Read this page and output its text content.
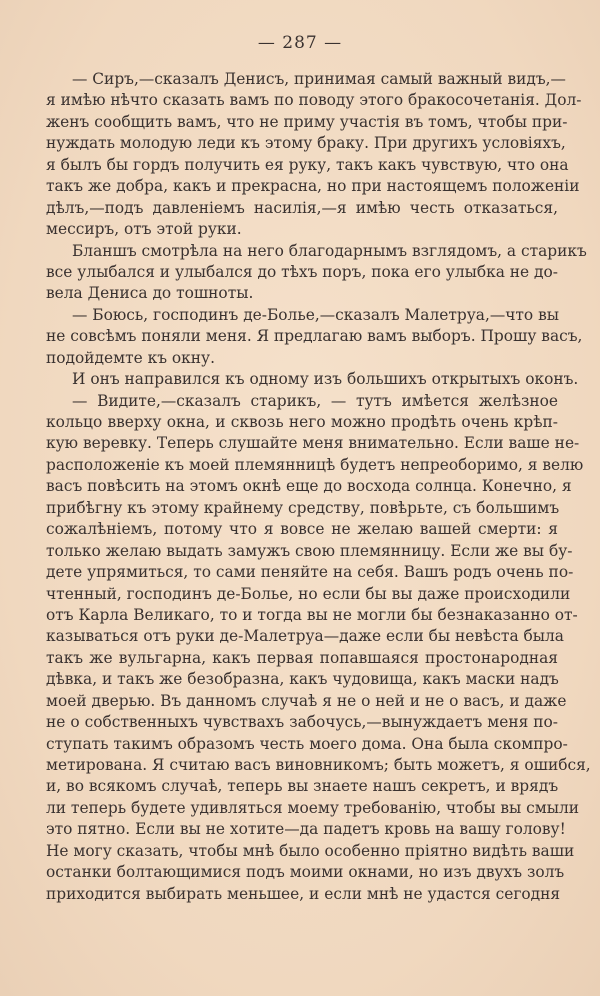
— 287 —
— Сиръ,—сказалъ Денисъ, принимая самый важный видъ,—
я имѣю нѣчто сказать вамъ по поводу этого бракосочетанія. Дол-
женъ сообщить вамъ, что не приму участія въ томъ, чтобы при-
нуждать молодую леди къ этому браку. При другихъ условіяхъ,
я былъ бы гордъ получить ея руку, такъ какъ чувствую, что она
такъ же добра, какъ и прекрасна, но при настоящемъ положеніи
дѣлъ,—подъ давленіемъ насилія,—я имѣю честь отказаться,
мессиръ, отъ этой руки.
Бланшъ смотрѣла на него благодарнымъ взглядомъ, а старикъ
все улыбался и улыбался до тѣхъ поръ, пока его улыбка не до-
вела Дениса до тошноты.
— Боюсь, господинъ де-Болье,—сказалъ Малетруа,—что вы
не совсѣмъ поняли меня. Я предлагаю вамъ выборъ. Прошу васъ,
подойдемте къ окну.
И онъ направился къ одному изъ большихъ открытыхъ оконъ.
— Видите,—сказалъ старикъ, — тутъ имѣется желѣзное
кольцо вверху окна, и сквозь него можно продѣть очень крѣп-
кую веревку. Теперь слушайте меня внимательно. Если ваше не-
расположеніе къ моей племянницѣ будетъ непреоборимо, я велю
васъ повѣсить на этомъ окнѣ еще до восхода солнца. Конечно, я
прибѣгну къ этому крайнему средству, повѣрьте, съ большимъ
сожалѣніемъ, потому что я вовсе не желаю вашей смерти: я
только желаю выдать замужъ свою племянницу. Если же вы бу-
дете упрямиться, то сами пеняйте на себя. Вашъ родъ очень по-
чтенный, господинъ де-Болье, но если бы вы даже происходили
отъ Карла Великаго, то и тогда вы не могли бы безнаказанно от-
казываться отъ руки де-Малетруа—даже если бы невѣста была
такъ же вульгарна, какъ первая попавшаяся простонародная
дѣвка, и такъ же безобразна, какъ чудовища, какъ маски надъ
моей дверью. Въ данномъ случаѣ я не о ней и не о васъ, и даже
не о собственныхъ чувствахъ забочусь,—вынуждаетъ меня по-
ступать такимъ образомъ честь моего дома. Она была скомпро-
метирована. Я считаю васъ виновникомъ; быть можетъ, я ошибся,
и, во всякомъ случаѣ, теперь вы знаете нашъ секретъ, и врядъ
ли теперь будете удивляться моему требованію, чтобы вы смыли
это пятно. Если вы не хотите—да падетъ кровь на вашу голову!
Не могу сказать, чтобы мнѣ было особенно пріятно видѣть ваши
останки болтающимися подъ моими окнами, но изъ двухъ золъ
приходится выбирать меньшее, и если мнѣ не удастся сегодня
